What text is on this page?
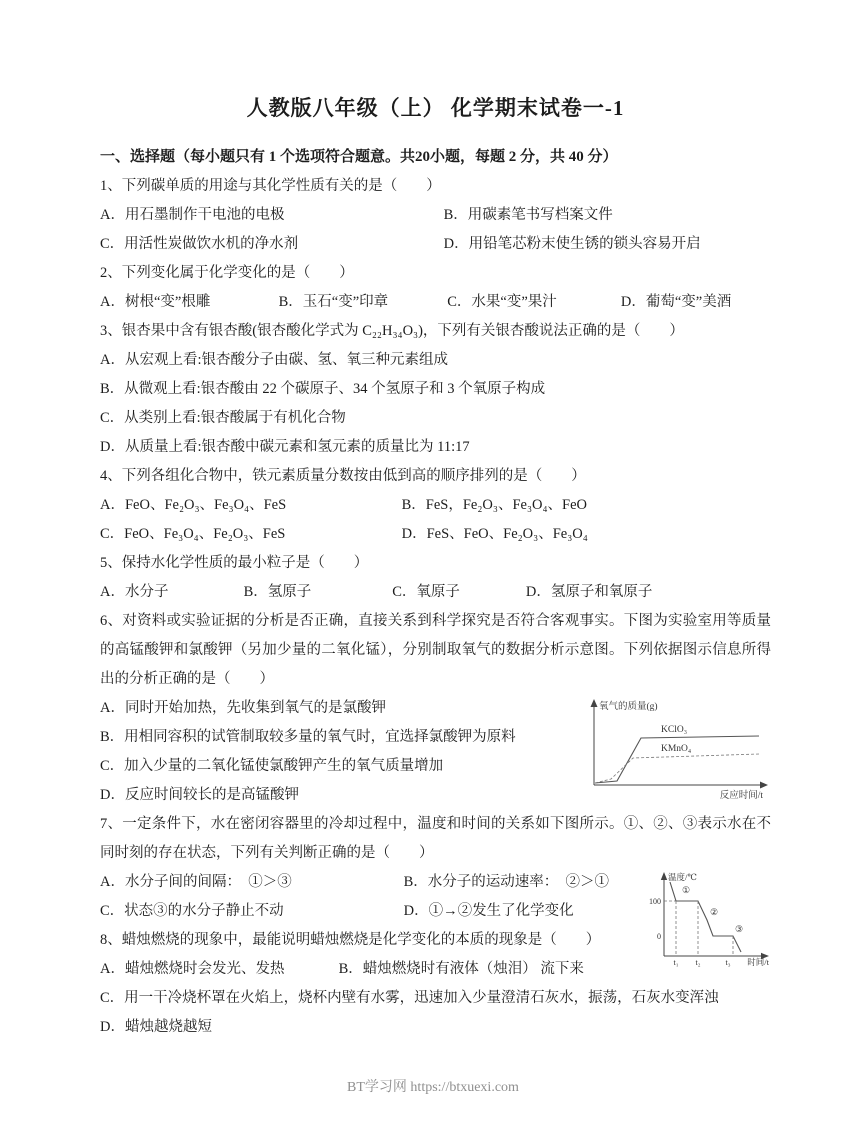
人教版八年级（上） 化学期末试卷一-1

一、选择题（每小题只有 1 个选项符合题意。共20小题，每题 2 分，共 40 分）

1、下列碳单质的用途与其化学性质有关的是（　　）

A．用石墨制作干电池的电极	B．用碳素笔书写档案文件

C．用活性炭做饮水机的净水剂	D．用铅笔芯粉末使生锈的锁头容易开启

2、下列变化属于化学变化的是（　　）

A．树根“变”根雕	B．玉石“变”印章	C．水果“变”果汁	D．葡萄“变”美酒

3、银杏果中含有银杏酸(银杏酸化学式为 C₂₂H₃₄O₃)，下列有关银杏酸说法正确的是（　　）

A．从宏观上看:银杏酸分子由碳、氢、氧三种元素组成

B．从微观上看:银杏酸由 22 个碳原子、34 个氢原子和 3 个氧原子构成

C．从类别上看:银杏酸属于有机化合物 D．从质量上看:银杏酸中碳元素和氢元素的质量比为 11:17

4、下列各组化合物中，铁元素质量分数按由低到高的顺序排列的是（　　）

A．FeO、Fe₂O₃、Fe₃O₄、FeS	B．FeS，Fe₂O₃、Fe₃O₄、FeO

C．FeO、Fe₃O₄、Fe₂O₃、FeS	D．FeS、FeO、Fe₂O₃、Fe₃O₄

5、保持水化学性质的最小粒子是（　　）

A．水分子	B．氢原子	C．氧原子	D．氢原子和氧原子

6、对资料或实验证据的分析是否正确，直接关系到科学探究是否符合客观事实。下图为实验室用等质量的高锰酸钾和氯酸钾（另加少量的二氧化锰），分别制取氧气的数据分析示意图。下列依据图示信息所得出的分析正确的是（　　）

氧气的质量(g)
KClO₃
KMnO₄
反应时间/t

A．同时开始加热，先收集到氧气的是氯酸钾

B．用相同容积的试管制取较多量的氧气时，宜选择氯酸钾为原料

C．加入少量的二氧化锰使氯酸钾产生的氧气质量增加

D．反应时间较长的是高锰酸钾

7、一定条件下，水在密闭容器里的冷却过程中，温度和时间的关系如下图所示。①、②、③表示水在不同时刻的存在状态，下列有关判断正确的是（　　）

温度/℃
100
0
①
②
③
t₁ t₂	t₃ 时间/t

A．水分子间的间隔：　①＞③	B．水分子的运动速率：　②＞①

C．状态③的水分子静止不动	D．①→②发生了化学变化

8、蜡烛燃烧的现象中，最能说明蜡烛燃烧是化学变化的本质的现象是（　　）

A．蜡烛燃烧时会发光、发热	B．蜡烛燃烧时有液体（烛泪） 流下来

C．用一干冷烧杯罩在火焰上，烧杯内壁有水雾，迅速加入少量澄清石灰水，振荡，石灰水变浑浊

D．蜡烛越烧越短

BT学习网 https://btxuexi.com
